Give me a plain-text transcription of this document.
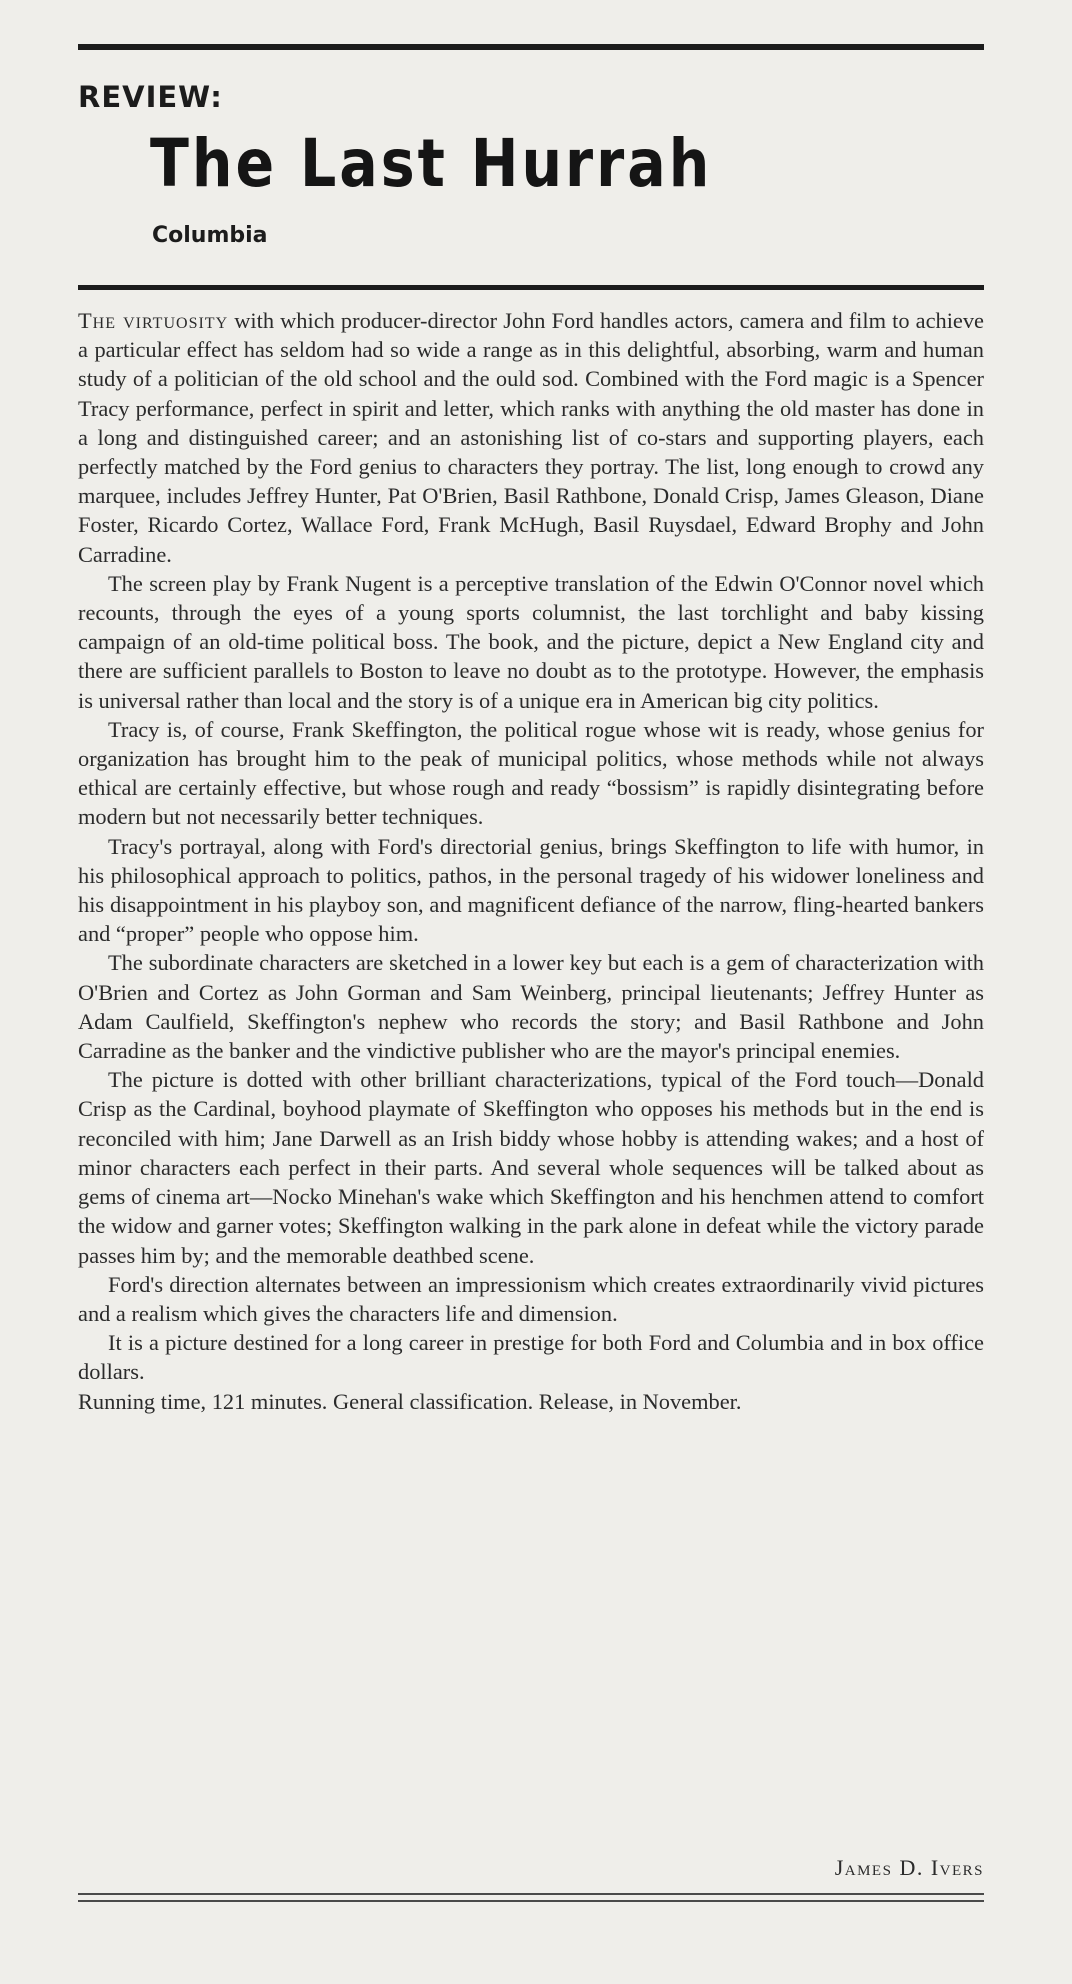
REVIEW:
The Last Hurrah
Columbia

The virtuosity with which producer-director John Ford handles actors, camera and film to achieve a particular effect has seldom had so wide a range as in this delightful, absorbing, warm and human study of a politician of the old school and the ould sod. Combined with the Ford magic is a Spencer Tracy performance, perfect in spirit and letter, which ranks with anything the old master has done in a long and distinguished career; and an astonishing list of co-stars and supporting players, each perfectly matched by the Ford genius to characters they portray. The list, long enough to crowd any marquee, includes Jeffrey Hunter, Pat O'Brien, Basil Rathbone, Donald Crisp, James Gleason, Diane Foster, Ricardo Cortez, Wallace Ford, Frank McHugh, Basil Ruysdael, Edward Brophy and John Carradine.

The screen play by Frank Nugent is a perceptive translation of the Edwin O'Connor novel which recounts, through the eyes of a young sports columnist, the last torchlight and baby kissing campaign of an old-time political boss. The book, and the picture, depict a New England city and there are sufficient parallels to Boston to leave no doubt as to the prototype. However, the emphasis is universal rather than local and the story is of a unique era in American big city politics.

Tracy is, of course, Frank Skeffington, the political rogue whose wit is ready, whose genius for organization has brought him to the peak of municipal politics, whose methods while not always ethical are certainly effective, but whose rough and ready “bossism” is rapidly disintegrating before modern but not necessarily better techniques.

Tracy's portrayal, along with Ford's directorial genius, brings Skeffington to life with humor, in his philosophical approach to politics, pathos, in the personal tragedy of his widower loneliness and his disappointment in his playboy son, and magnificent defiance of the narrow, fling-hearted bankers and “proper” people who oppose him.

The subordinate characters are sketched in a lower key but each is a gem of characterization with O'Brien and Cortez as John Gorman and Sam Weinberg, principal lieutenants; Jeffrey Hunter as Adam Caulfield, Skeffington's nephew who records the story; and Basil Rathbone and John Carradine as the banker and the vindictive publisher who are the mayor's principal enemies.

The picture is dotted with other brilliant characterizations, typical of the Ford touch—Donald Crisp as the Cardinal, boyhood playmate of Skeffington who opposes his methods but in the end is reconciled with him; Jane Darwell as an Irish biddy whose hobby is attending wakes; and a host of minor characters each perfect in their parts. And several whole sequences will be talked about as gems of cinema art—Nocko Minehan's wake which Skeffington and his henchmen attend to comfort the widow and garner votes; Skeffington walking in the park alone in defeat while the victory parade passes him by; and the memorable deathbed scene.

Ford's direction alternates between an impressionism which creates extraordinarily vivid pictures and a realism which gives the characters life and dimension.

It is a picture destined for a long career in prestige for both Ford and Columbia and in box office dollars.

Running time, 121 minutes. General classification. Release, in November.

James D. Ivers
